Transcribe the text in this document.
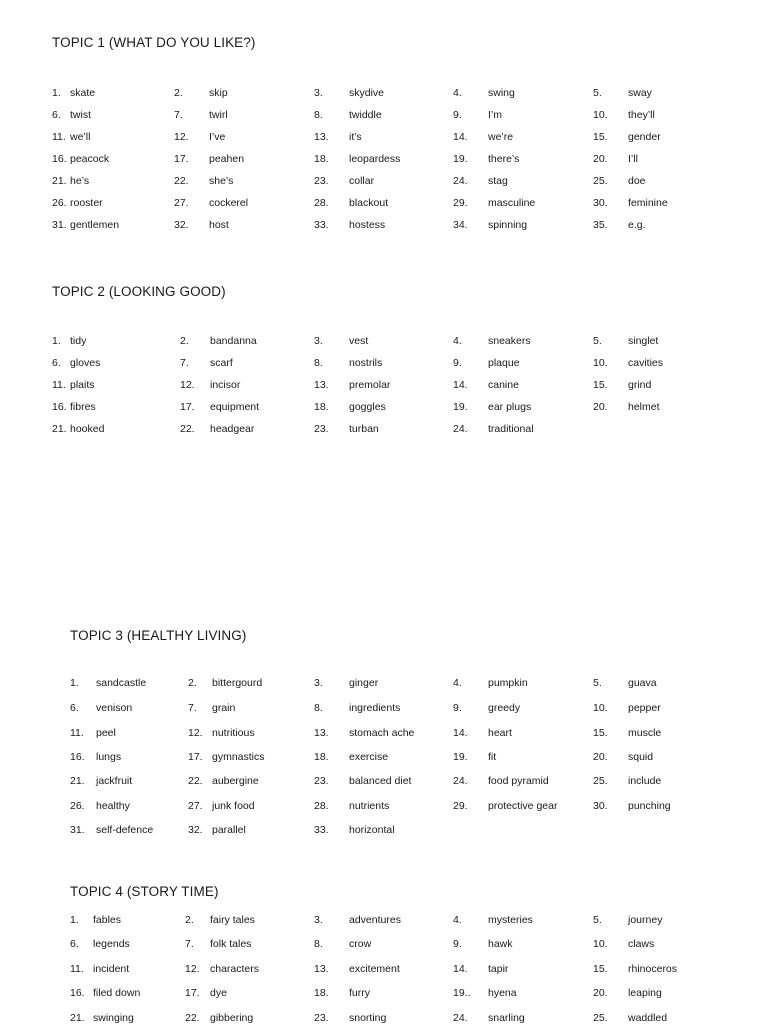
TOPIC 1 (WHAT DO YOU LIKE?)
1. skate	2. skip	3. skydive	4. swing	5. sway
6. twist	7. twirl	8. twiddle	9. I’m	10. they’ll
11. we’ll	12. I’ve	13. it’s	14. we’re	15. gender
16. peacock	17. peahen	18. leopardess	19. there’s	20. I’ll
21. he’s	22. she’s	23. collar	24. stag	25. doe
26. rooster	27. cockerel	28. blackout	29. masculine	30. feminine
31. gentlemen	32. host	33. hostess	34. spinning	35. e.g.
TOPIC 2 (LOOKING GOOD)
1. tidy	2. bandanna	3. vest	4. sneakers	5. singlet
6. gloves	7. scarf	8. nostrils	9. plaque	10. cavities
11. plaits	12. incisor	13. premolar	14. canine	15. grind
16. fibres	17. equipment	18. goggles	19. ear plugs	20. helmet
21. hooked	22. headgear	23. turban	24. traditional
TOPIC 3 (HEALTHY LIVING)
1. sandcastle	2. bittergourd	3. ginger	4. pumpkin	5. guava
6. venison	7. grain	8. ingredients	9. greedy	10. pepper
11. peel	12. nutritious	13. stomach ache	14. heart	15. muscle
16. lungs	17. gymnastics	18. exercise	19. fit	20. squid
21. jackfruit	22. aubergine	23. balanced diet	24. food pyramid	25. include
26. healthy	27. junk food	28. nutrients	29. protective gear	30. punching
31. self-defence	32. parallel	33. horizontal
TOPIC 4 (STORY TIME)
1. fables	2. fairy tales	3. adventures	4. mysteries	5. journey
6. legends	7. folk tales	8. crow	9. hawk	10. claws
11. incident	12. characters	13. excitement	14. tapir	15. rhinoceros
16. filed down	17. dye	18. furry	19.. hyena	20. leaping
21. swinging	22. gibbering	23. snorting	24. snarling	25. waddled
